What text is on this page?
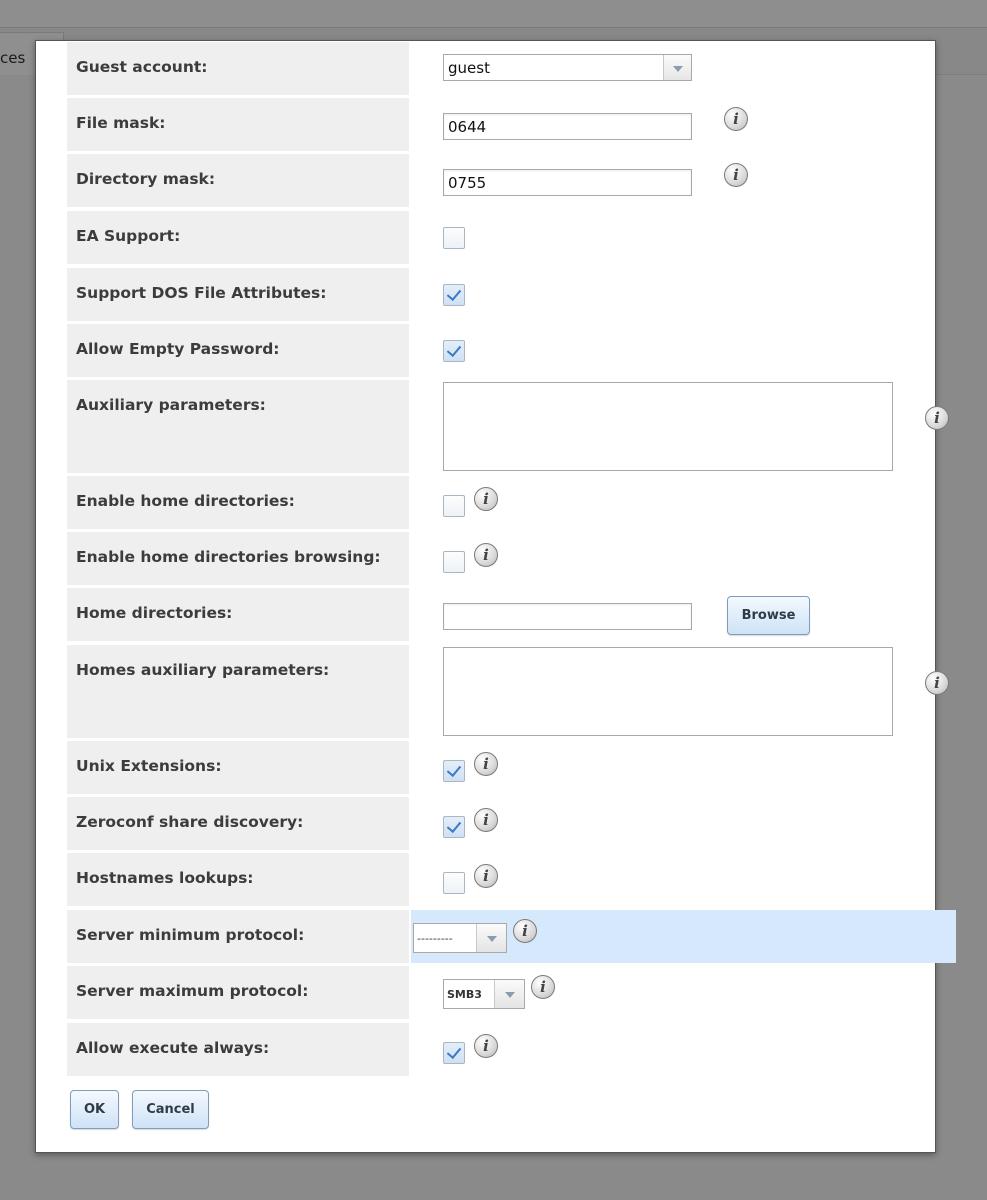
ces	Guest account:	guest
File mask:	0644	i
Directory mask:	0755	i
EA Support:
Support DOS File Attributes:
Allow Empty Password:
Auxiliary parameters:
i
Enable home directories:	i
Enable home directories browsing:	i
Home directories:	Browse
Homes auxiliary parameters:
i
Unix Extensions:	i
Zeroconf share discovery:	i
Hostnames lookups:	i
Server minimum protocol:	---------	i
Server maximum protocol:	SMB3	i
Allow execute always:	i
OK	Cancel
